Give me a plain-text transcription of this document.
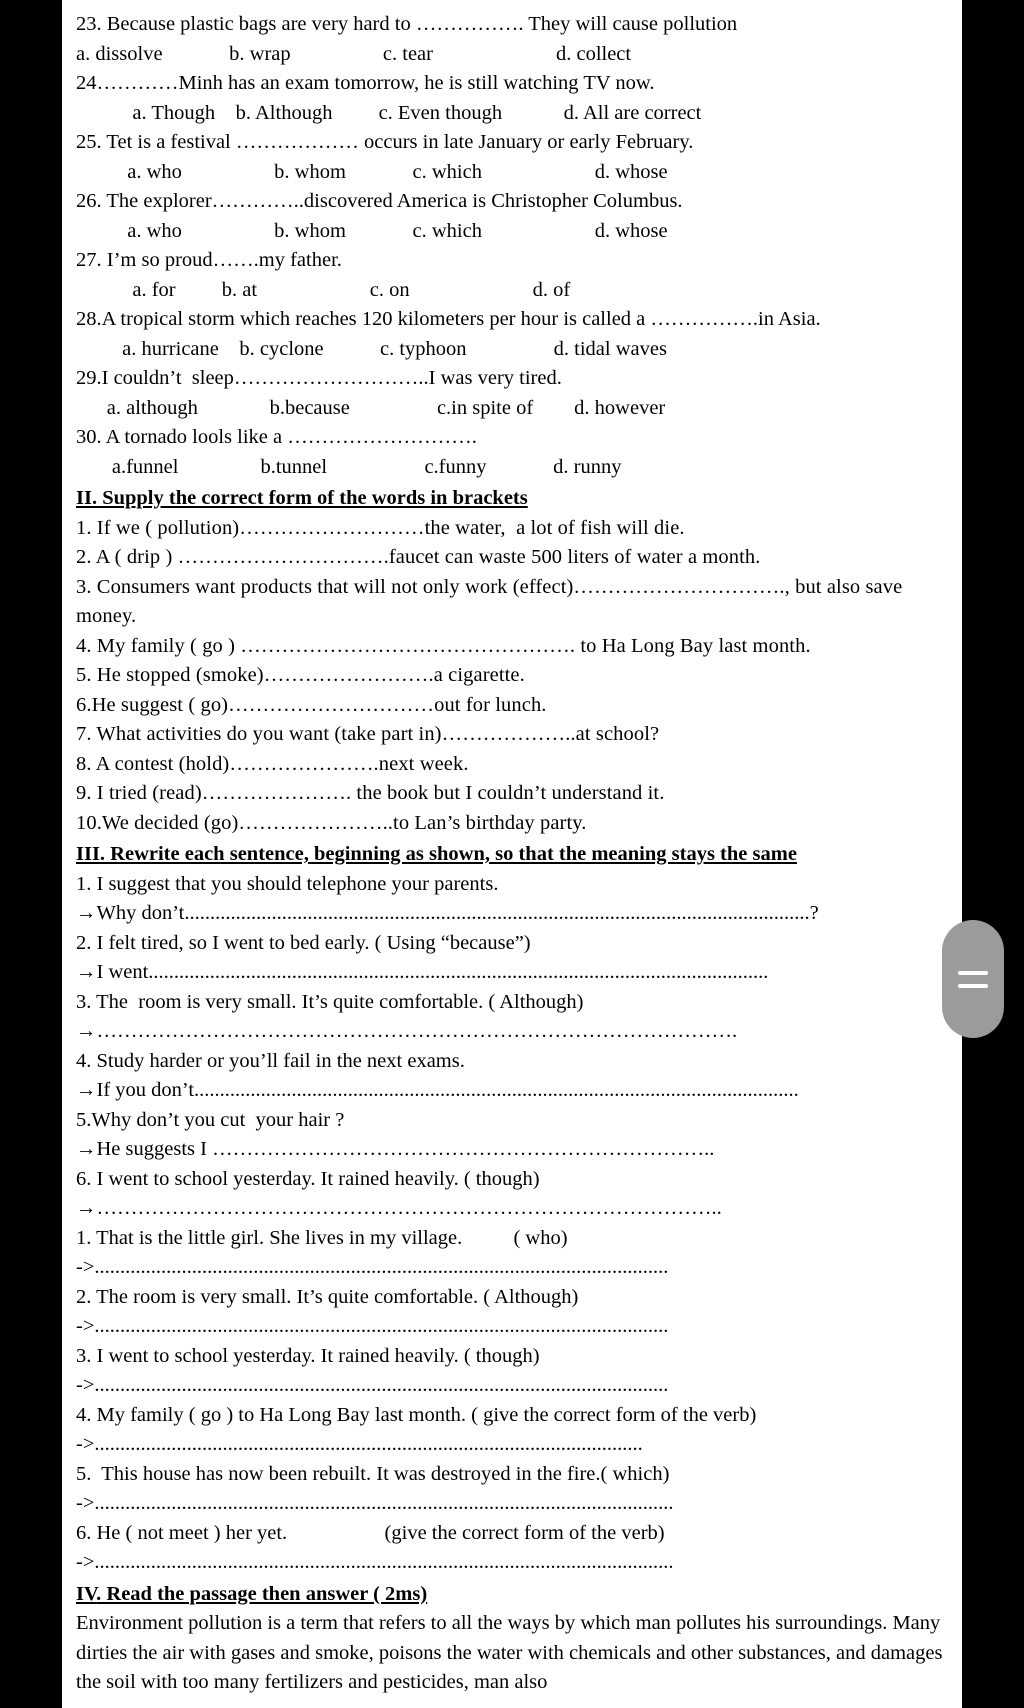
23. Because plastic bags are very hard to ……………. They will cause pollution
a. dissolve             b. wrap                  c. tear                        d. collect
24…………Minh has an exam tomorrow, he is still watching TV now.
a. Though    b. Although         c. Even though            d. All are correct
25. Tet is a festival ……………… occurs in late January or early February.
a. who                  b. whom             c. which                      d. whose
26. The explorer…………..discovered America is Christopher Columbus.
a. who                  b. whom             c. which                      d. whose
27. I’m so proud…….my father.
a. for         b. at                      c. on                        d. of
28.A tropical storm which reaches 120 kilometers per hour is called a …………….in Asia.
a. hurricane    b. cyclone           c. typhoon                 d. tidal waves
29.I couldn’t  sleep………………………..I was very tired.
a. although              b.because                 c.in spite of        d. however
30. A tornado lools like a ……………………….
a.funnel                b.tunnel                   c.funny             d. runny
II. Supply the correct form of the words in brackets
1. If we ( pollution)………………………the water,  a lot of fish will die.
2. A ( drip ) ………………………….faucet can waste 500 liters of water a month.
3. Consumers want products that will not only work (effect)…………………………., but also save money.
4. My family ( go ) …………………………………………. to Ha Long Bay last month.
5. He stopped (smoke)…………………….a cigarette.
6.He suggest ( go)…………………………out for lunch.
7. What activities do you want (take part in)………………..at school?
8. A contest (hold)………………….next week.
9. I tried (read)…………………. the book but I couldn’t understand it.
10.We decided (go)…………………..to Lan’s birthday party.
III. Rewrite each sentence, beginning as shown, so that the meaning stays the same
1. I suggest that you should telephone your parents.
→Why don’t..........................................................................................................................?
2. I felt tired, so I went to bed early. ( Using “because”)
→I went.........................................................................................................................
3. The  room is very small. It’s quite comfortable. ( Although)
→………………………………………………………………………………….
4. Study harder or you’ll fail in the next exams.
→If you don’t......................................................................................................................
5.Why don’t you cut  your hair ?
→He suggests I ………………………………………………………………..
6. I went to school yesterday. It rained heavily. ( though)
→………………………………………………………………………………..
1. That is the little girl. She lives in my village.          ( who)
->................................................................................................................
2. The room is very small. It’s quite comfortable. ( Although)
->................................................................................................................
3. I went to school yesterday. It rained heavily. ( though)
->................................................................................................................
4. My family ( go ) to Ha Long Bay last month. ( give the correct form of the verb)
->...........................................................................................................
5.  This house has now been rebuilt. It was destroyed in the fire.( which)
->.................................................................................................................
6. He ( not meet ) her yet.                   (give the correct form of the verb)
->.................................................................................................................
IV. Read the passage then answer ( 2ms)
Environment pollution is a term that refers to all the ways by which man pollutes his surroundings. Many  dirties the air with gases and smoke, poisons the water with chemicals and other substances, and damages the soil with too many fertilizers and pesticides, man also
